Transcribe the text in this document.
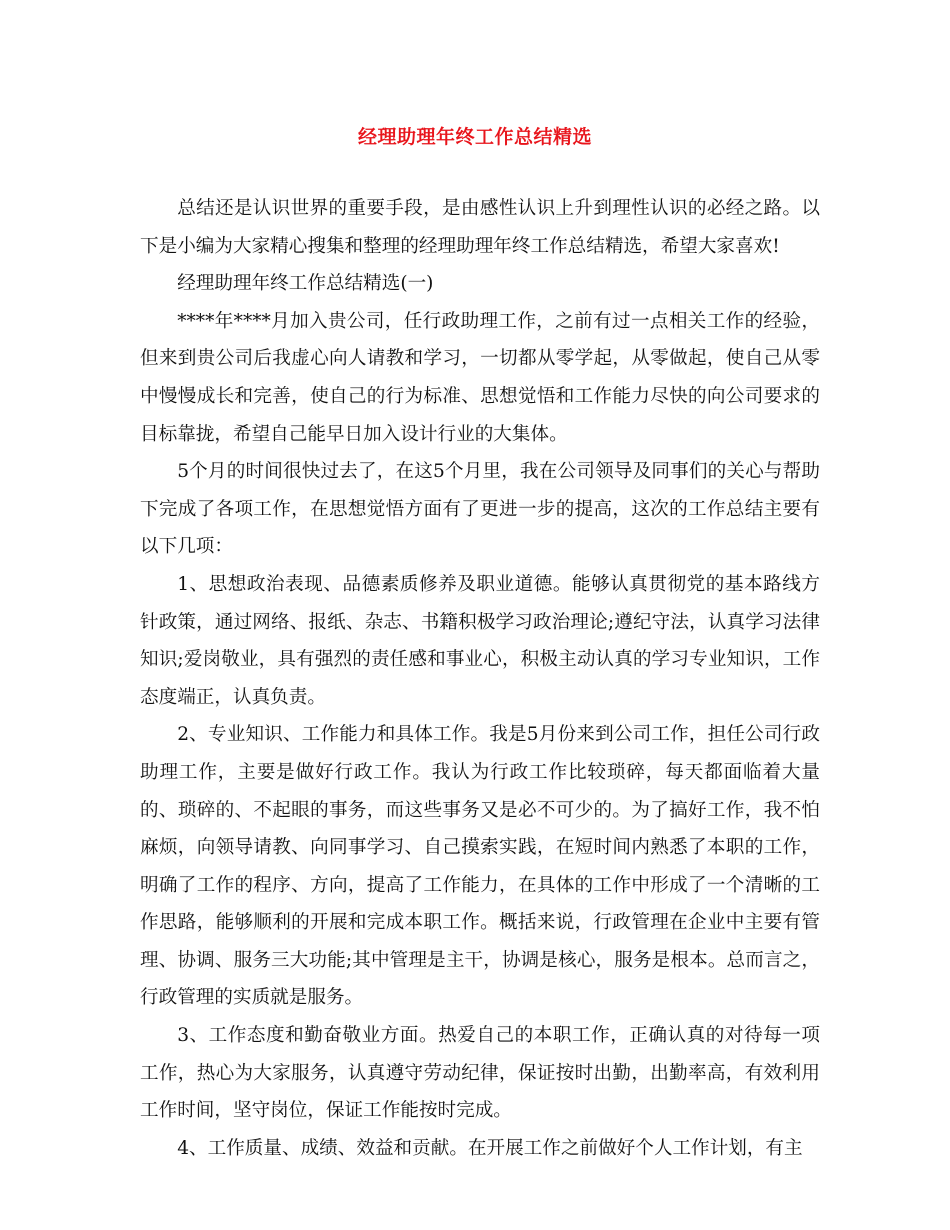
经理助理年终工作总结精选

总结还是认识世界的重要手段，是由感性认识上升到理性认识的必经之路。以下是小编为大家精心搜集和整理的经理助理年终工作总结精选，希望大家喜欢!

经理助理年终工作总结精选(一)

****年****月加入贵公司，任行政助理工作，之前有过一点相关工作的经验，但来到贵公司后我虚心向人请教和学习，一切都从零学起，从零做起，使自己从零中慢慢成长和完善，使自己的行为标准、思想觉悟和工作能力尽快的向公司要求的目标靠拢，希望自己能早日加入设计行业的大集体。

5个月的时间很快过去了，在这5个月里，我在公司领导及同事们的关心与帮助下完成了各项工作，在思想觉悟方面有了更进一步的提高，这次的工作总结主要有以下几项：

1、思想政治表现、品德素质修养及职业道德。能够认真贯彻党的基本路线方针政策，通过网络、报纸、杂志、书籍积极学习政治理论;遵纪守法，认真学习法律知识;爱岗敬业，具有强烈的责任感和事业心，积极主动认真的学习专业知识，工作态度端正，认真负责。

2、专业知识、工作能力和具体工作。我是5月份来到公司工作，担任公司行政助理工作，主要是做好行政工作。我认为行政工作比较琐碎，每天都面临着大量的、琐碎的、不起眼的事务，而这些事务又是必不可少的。为了搞好工作，我不怕麻烦，向领导请教、向同事学习、自己摸索实践，在短时间内熟悉了本职的工作，明确了工作的程序、方向，提高了工作能力，在具体的工作中形成了一个清晰的工作思路，能够顺利的开展和完成本职工作。概括来说，行政管理在企业中主要有管理、协调、服务三大功能;其中管理是主干，协调是核心，服务是根本。总而言之，行政管理的实质就是服务。

3、工作态度和勤奋敬业方面。热爱自己的本职工作，正确认真的对待每一项工作，热心为大家服务，认真遵守劳动纪律，保证按时出勤，出勤率高，有效利用工作时间，坚守岗位，保证工作能按时完成。

4、工作质量、成绩、效益和贡献。在开展工作之前做好个人工作计划，有主
